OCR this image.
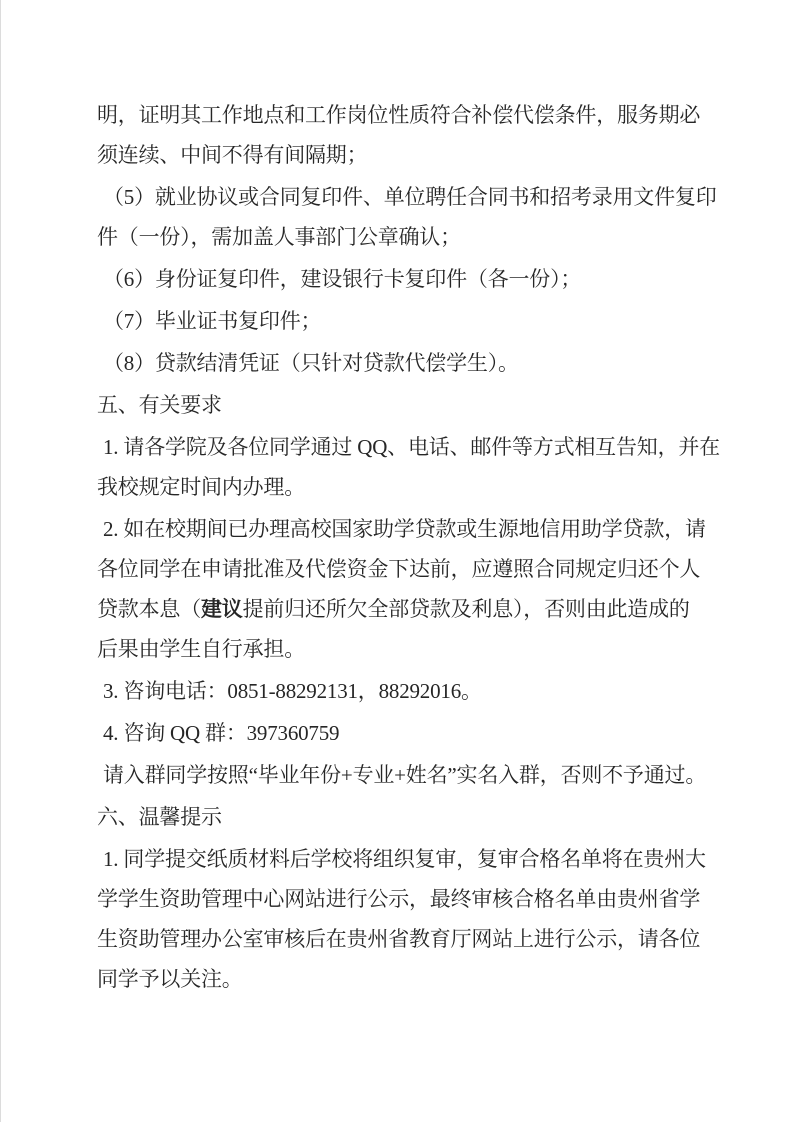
明，证明其工作地点和工作岗位性质符合补偿代偿条件，服务期必
须连续、中间不得有间隔期；
（5）就业协议或合同复印件、单位聘任合同书和招考录用文件复印
件（一份），需加盖人事部门公章确认；
（6）身份证复印件，建设银行卡复印件（各一份）；
（7）毕业证书复印件；
（8）贷款结清凭证（只针对贷款代偿学生）。
五、有关要求
1. 请各学院及各位同学通过 QQ、电话、邮件等方式相互告知，并在
我校规定时间内办理。
2. 如在校期间已办理高校国家助学贷款或生源地信用助学贷款，请
各位同学在申请批准及代偿资金下达前，应遵照合同规定归还个人
贷款本息（建议提前归还所欠全部贷款及利息），否则由此造成的
后果由学生自行承担。
3. 咨询电话：0851-88292131，88292016。
4. 咨询 QQ 群：397360759
请入群同学按照“毕业年份+专业+姓名”实名入群，否则不予通过。
六、温馨提示
1. 同学提交纸质材料后学校将组织复审，复审合格名单将在贵州大
学学生资助管理中心网站进行公示，最终审核合格名单由贵州省学
生资助管理办公室审核后在贵州省教育厅网站上进行公示，请各位
同学予以关注。
